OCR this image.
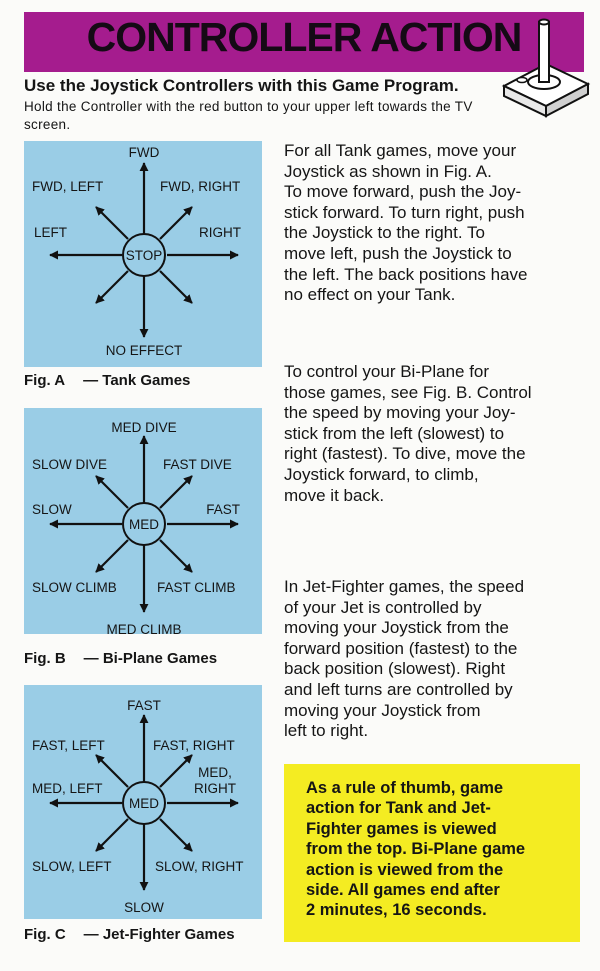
CONTROLLER ACTION
Use the Joystick Controllers with this Game Program.
Hold the Controller with the red button to your upper left towards the TV screen.
STOP
FWD
FWD, LEFT	FWD, RIGHT
LEFT	RIGHT
NO EFFECT
Fig. A — Tank Games
MED
MED DIVE
SLOW DIVE	FAST DIVE
SLOW	FAST
SLOW CLIMB	FAST CLIMB
MED CLIMB
Fig. B — Bi-Plane Games
MED
FAST
FAST, LEFT	FAST, RIGHT
MED, LEFT
MED,
RIGHT
SLOW, LEFT	SLOW, RIGHT
SLOW
Fig. C — Jet-Fighter Games
For all Tank games, move your
Joystick as shown in Fig. A.
To move forward, push the Joy-
stick forward. To turn right, push
the Joystick to the right. To
move left, push the Joystick to
the left. The back positions have
no effect on your Tank.
To control your Bi-Plane for
those games, see Fig. B. Control
the speed by moving your Joy-
stick from the left (slowest) to
right (fastest). To dive, move the
Joystick forward, to climb,
move it back.
In Jet-Fighter games, the speed
of your Jet is controlled by
moving your Joystick from the
forward position (fastest) to the
back position (slowest). Right
and left turns are controlled by
moving your Joystick from
left to right.
As a rule of thumb, game
action for Tank and Jet-
Fighter games is viewed
from the top. Bi-Plane game
action is viewed from the
side. All games end after
2 minutes, 16 seconds.
